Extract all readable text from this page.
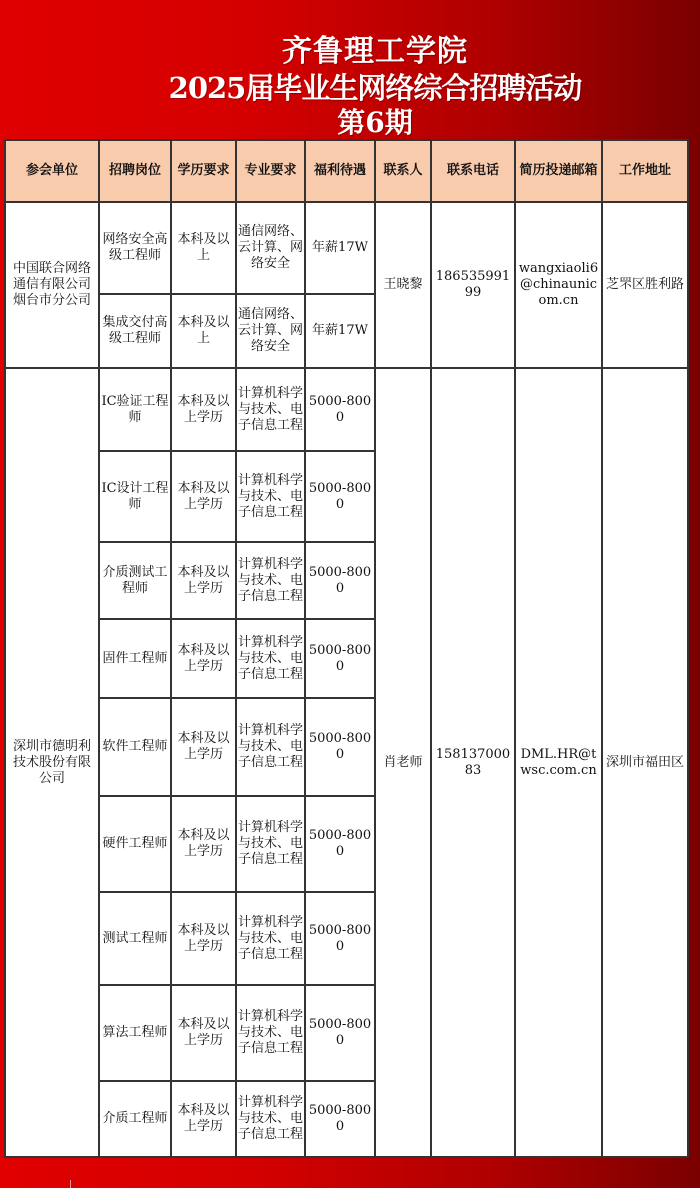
齐鲁理工学院
2025届毕业生网络综合招聘活动
第6期
参会单位	招聘岗位	学历要求	专业要求	福利待遇	联系人	联系电话	简历投递邮箱	工作地址
中国联合网络通信有限公司烟台市分公司	网络安全高级工程师	本科及以上	通信网络、云计算、网络安全	年薪17W	王晓黎	18653599199	wangxiaoli6@chinaunicom.cn	芝罘区胜利路
	集成交付高级工程师	本科及以上	通信网络、云计算、网络安全	年薪17W				
深圳市德明利技术股份有限公司	IC验证工程师	本科及以上学历	计算机科学与技术、电子信息工程	5000-8000	肖老师	15813700083	DML.HR@twsc.com.cn	深圳市福田区
	IC设计工程师	本科及以上学历	计算机科学与技术、电子信息工程	5000-8000				
	介质测试工程师	本科及以上学历	计算机科学与技术、电子信息工程	5000-8000				
	固件工程师	本科及以上学历	计算机科学与技术、电子信息工程	5000-8000				
	软件工程师	本科及以上学历	计算机科学与技术、电子信息工程	5000-8000				
	硬件工程师	本科及以上学历	计算机科学与技术、电子信息工程	5000-8000				
	测试工程师	本科及以上学历	计算机科学与技术、电子信息工程	5000-8000				
	算法工程师	本科及以上学历	计算机科学与技术、电子信息工程	5000-8000				
	介质工程师	本科及以上学历	计算机科学与技术、电子信息工程	5000-8000				
